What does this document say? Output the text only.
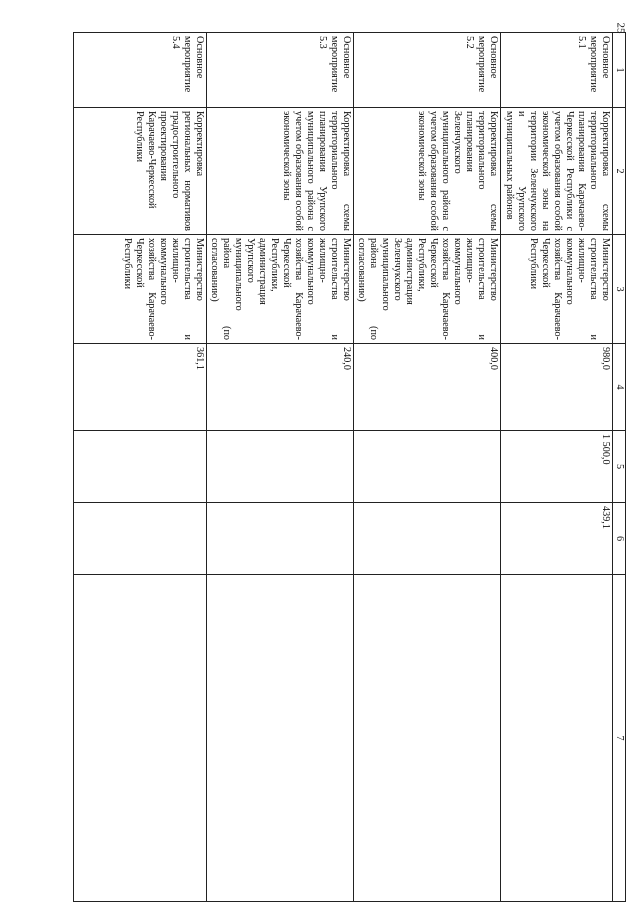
25
1	2	3	4	5	6	7
Основное мероприятие 5.1	Корректировка схемы территориального планирования Карачаево-Черкесской Республики с учетом образования особой экономической зоны на территории Зеленчукского и Урупского муниципальных районов	Министерство строительства и жилищно-коммунального хозяйства Карачаево-Черкесской Республики	980,0	1 500,0	439,1	
Основное мероприятие 5.2	Корректировка схемы территориального планирования Зеленчукского муниципального района с учетом образования особой экономической зоны	Министерство строительства и жилищно-коммунального хозяйства Карачаево-Черкесской Республики, администрация Зеленчукского муниципального района (по согласованию)	400,0			
Основное мероприятие 5.3	Корректировка схемы территориального планирования Урупского муниципального района с учетом образования особой экономической зоны	Министерство строительства и жилищно-коммунального хозяйства Карачаево-Черкесской Республики, администрация Урупского муниципального района (по согласованию)	240,0			
Основное мероприятие 5.4	Корректировка региональных нормативов градостроительного проектирования Карачаево-Черкесской Республики	Министерство строительства и жилищно-коммунального хозяйства Карачаево-Черкесской Республики	361,1			
